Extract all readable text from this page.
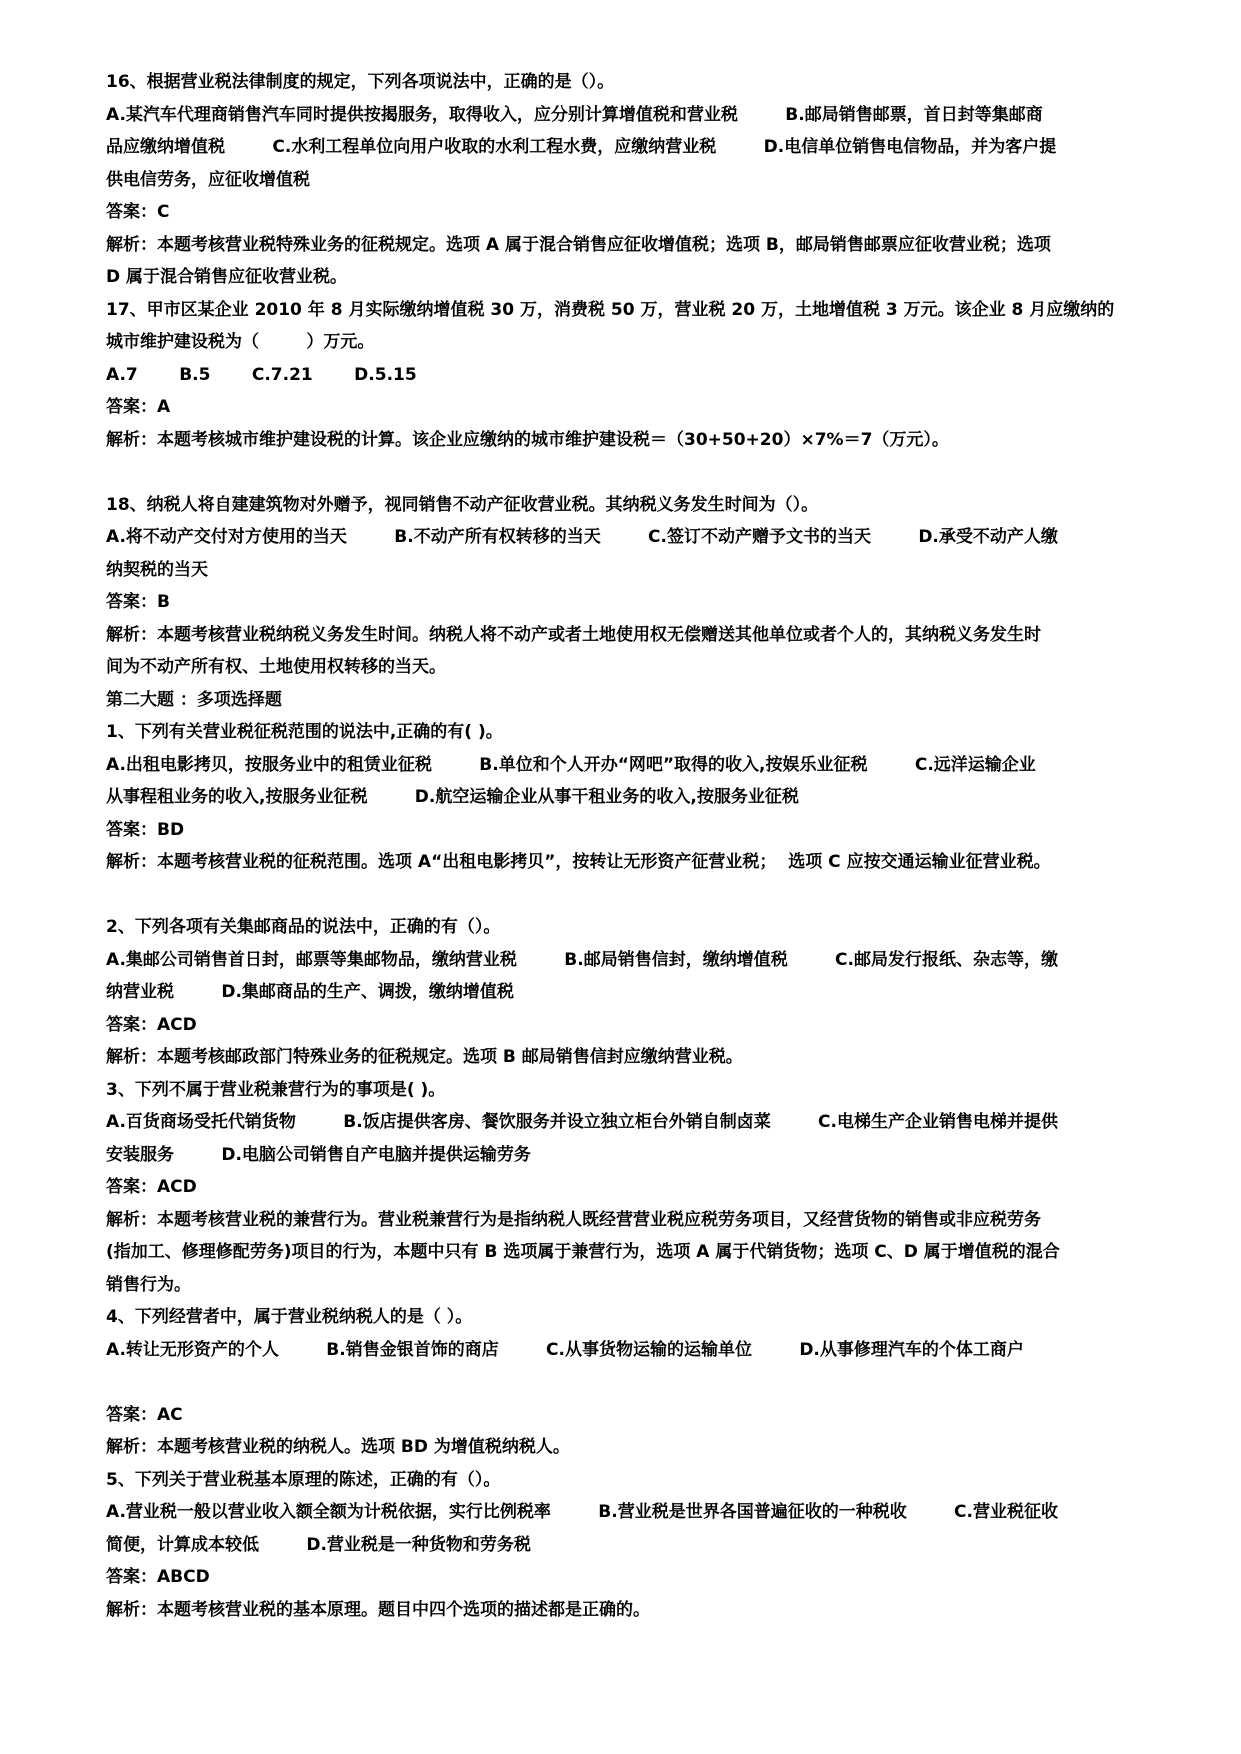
16、根据营业税法律制度的规定，下列各项说法中，正确的是（）。

A.某汽车代理商销售汽车同时提供按揭服务，取得收入，应分别计算增值税和营业税        B.邮局销售邮票，首日封等集邮商

品应缴纳增值税        C.水利工程单位向用户收取的水利工程水费，应缴纳营业税        D.电信单位销售电信物品，并为客户提

供电信劳务，应征收增值税

答案：C

解析：本题考核营业税特殊业务的征税规定。选项 A 属于混合销售应征收增值税；选项 B，邮局销售邮票应征收营业税；选项

D 属于混合销售应征收营业税。

17、甲市区某企业 2010 年 8 月实际缴纳增值税 30 万，消费税 50 万，营业税 20 万，土地增值税 3 万元。该企业 8 月应缴纳的

城市维护建设税为（        ）万元。

A.7       B.5       C.7.21       D.5.15

答案：A

解析：本题考核城市维护建设税的计算。该企业应缴纳的城市维护建设税＝（30+50+20）×7%＝7（万元）。

18、纳税人将自建建筑物对外赠予，视同销售不动产征收营业税。其纳税义务发生时间为（）。

A.将不动产交付对方使用的当天        B.不动产所有权转移的当天        C.签订不动产赠予文书的当天        D.承受不动产人缴

纳契税的当天

答案：B

解析：本题考核营业税纳税义务发生时间。纳税人将不动产或者土地使用权无偿赠送其他单位或者个人的，其纳税义务发生时

间为不动产所有权、土地使用权转移的当天。

第二大题 ：多项选择题

1、下列有关营业税征税范围的说法中,正确的有( )。

A.出租电影拷贝，按服务业中的租赁业征税        B.单位和个人开办“网吧”取得的收入,按娱乐业征税        C.远洋运输企业

从事程租业务的收入,按服务业征税        D.航空运输企业从事干租业务的收入,按服务业征税

答案：BD

解析：本题考核营业税的征税范围。选项 A“出租电影拷贝”，按转让无形资产征营业税；  选项 C 应按交通运输业征营业税。

2、下列各项有关集邮商品的说法中，正确的有（）。

A.集邮公司销售首日封，邮票等集邮物品，缴纳营业税        B.邮局销售信封，缴纳增值税        C.邮局发行报纸、杂志等，缴

纳营业税        D.集邮商品的生产、调拨，缴纳增值税

答案：ACD

解析：本题考核邮政部门特殊业务的征税规定。选项 B 邮局销售信封应缴纳营业税。

3、下列不属于营业税兼营行为的事项是( )。

A.百货商场受托代销货物        B.饭店提供客房、餐饮服务并设立独立柜台外销自制卤菜        C.电梯生产企业销售电梯并提供

安装服务        D.电脑公司销售自产电脑并提供运输劳务

答案：ACD

解析：本题考核营业税的兼营行为。营业税兼营行为是指纳税人既经营营业税应税劳务项目，又经营货物的销售或非应税劳务

(指加工、修理修配劳务)项目的行为，本题中只有 B 选项属于兼营行为，选项 A 属于代销货物；选项 C、D 属于增值税的混合

销售行为。

4、下列经营者中，属于营业税纳税人的是（ ）。

A.转让无形资产的个人        B.销售金银首饰的商店        C.从事货物运输的运输单位        D.从事修理汽车的个体工商户

答案：AC

解析：本题考核营业税的纳税人。选项 BD 为增值税纳税人。

5、下列关于营业税基本原理的陈述，正确的有（）。

A.营业税一般以营业收入额全额为计税依据，实行比例税率        B.营业税是世界各国普遍征收的一种税收        C.营业税征收

简便，计算成本较低        D.营业税是一种货物和劳务税

答案：ABCD

解析：本题考核营业税的基本原理。题目中四个选项的描述都是正确的。
